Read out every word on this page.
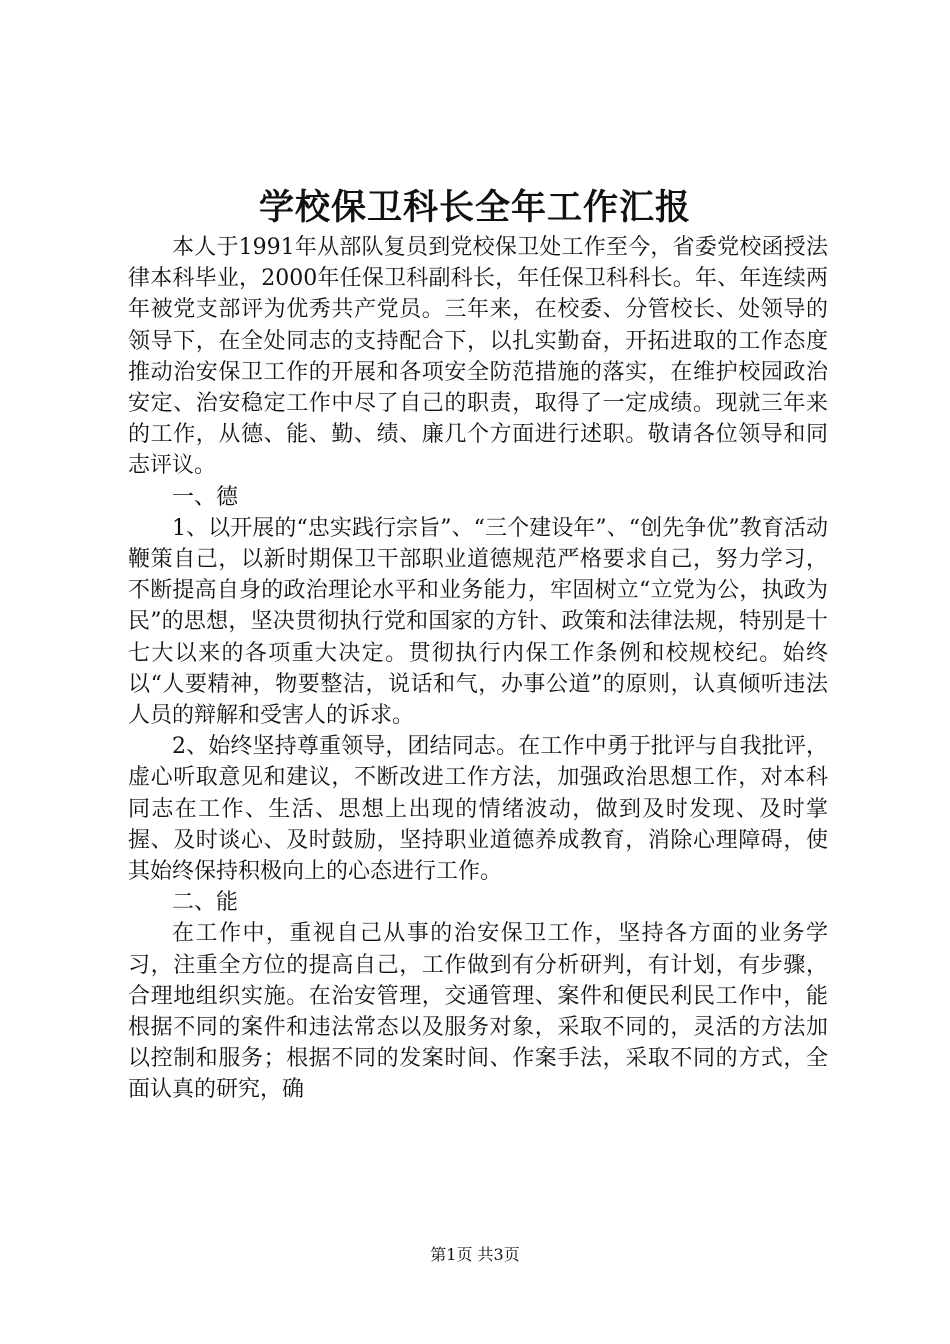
学校保卫科长全年工作汇报

本人于1991年从部队复员到党校保卫处工作至今，省委党校函授法律本科毕业，2000年任保卫科副科长，年任保卫科科长。年、年连续两年被党支部评为优秀共产党员。三年来，在校委、分管校长、处领导的领导下，在全处同志的支持配合下，以扎实勤奋，开拓进取的工作态度推动治安保卫工作的开展和各项安全防范措施的落实，在维护校园政治安定、治安稳定工作中尽了自己的职责，取得了一定成绩。现就三年来的工作，从德、能、勤、绩、廉几个方面进行述职。敬请各位领导和同志评议。

一、德

1、以开展的“忠实践行宗旨”、“三个建设年”、“创先争优”教育活动鞭策自己，以新时期保卫干部职业道德规范严格要求自己，努力学习，不断提高自身的政治理论水平和业务能力，牢固树立“立党为公，执政为民”的思想，坚决贯彻执行党和国家的方针、政策和法律法规，特别是十七大以来的各项重大决定。贯彻执行内保工作条例和校规校纪。始终以“人要精神，物要整洁，说话和气，办事公道”的原则，认真倾听违法人员的辩解和受害人的诉求。

2、始终坚持尊重领导，团结同志。在工作中勇于批评与自我批评，虚心听取意见和建议，不断改进工作方法，加强政治思想工作，对本科同志在工作、生活、思想上出现的情绪波动，做到及时发现、及时掌握、及时谈心、及时鼓励，坚持职业道德养成教育，消除心理障碍，使其始终保持积极向上的心态进行工作。

二、能

在工作中，重视自己从事的治安保卫工作，坚持各方面的业务学习，注重全方位的提高自己，工作做到有分析研判，有计划，有步骤，合理地组织实施。在治安管理，交通管理、案件和便民利民工作中，能根据不同的案件和违法常态以及服务对象，采取不同的，灵活的方法加以控制和服务；根据不同的发案时间、作案手法，采取不同的方式，全面认真的研究，确

第1页 共3页
